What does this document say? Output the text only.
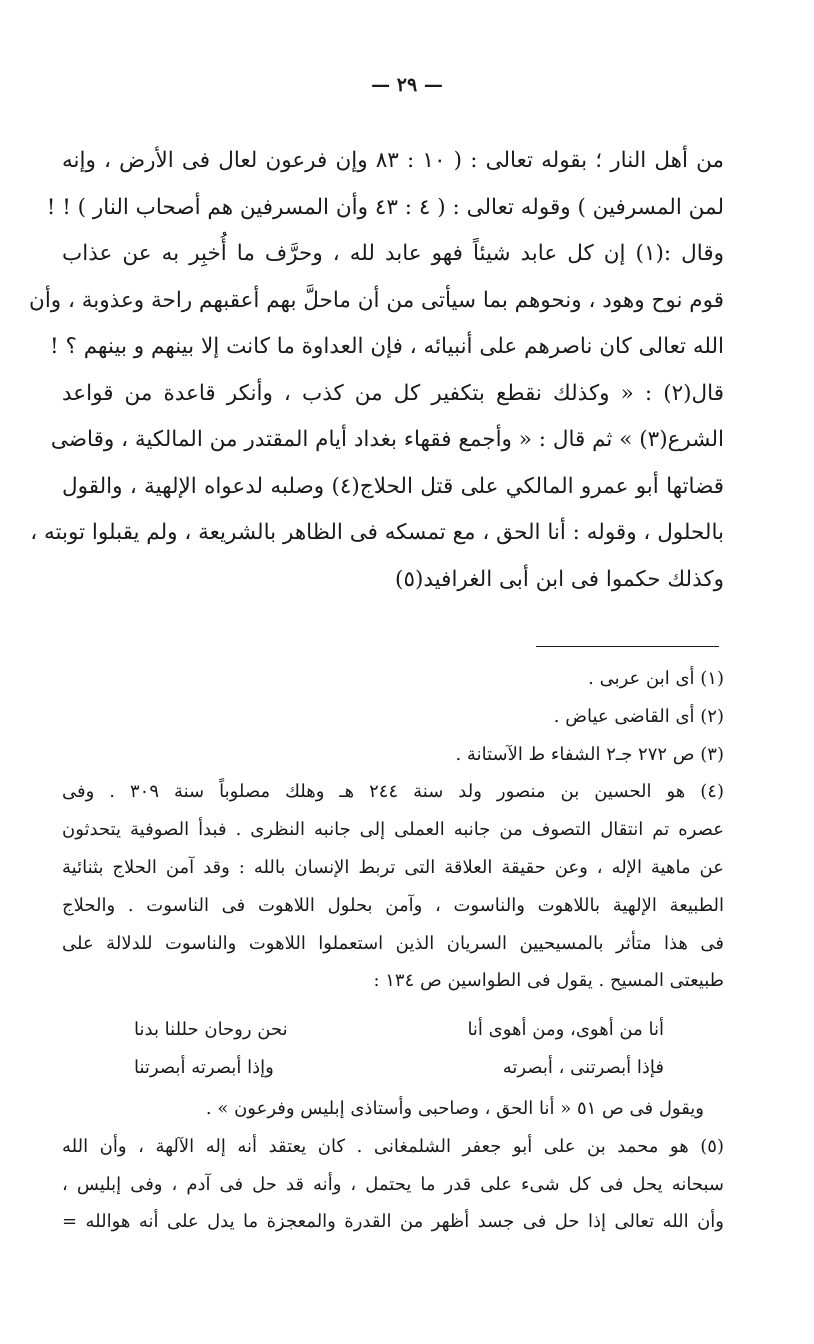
— ٢٩ —
من أهل النار ؛ بقوله تعالى : ( ١٠ : ٨٣ وإن فرعون لعال فى الأرض ، وإنه
لمن المسرفين ) وقوله تعالى : ( ٤ : ٤٣ وأن المسرفين هم أصحاب النار ) ! !
وقال :(١) إن كل عابد شيئاً فهو عابد لله ، وحرَّف ما أُخبِر به عن عذاب
قوم نوح وهود ، ونحوهم بما سيأتى من أن ماحلَّ بهم أعقبهم راحة وعذوبة ، وأن
الله تعالى كان ناصرهم على أنبيائه ، فإن العداوة ما كانت إلا بينهم و بينهم ؟ !
قال(٢) : « وكذلك نقطع بتكفير كل من كذب ، وأنكر قاعدة من قواعد
الشرع(٣) » ثم قال : « وأجمع فقهاء بغداد أيام المقتدر من المالكية ، وقاضى
قضاتها أبو عمرو المالكي على قتل الحلاج(٤) وصلبه لدعواه الإلهية ، والقول
بالحلول ، وقوله : أنا الحق ، مع تمسكه فى الظاهر بالشريعة ، ولم يقبلوا توبته ،
وكذلك حكموا فى ابن أبى الغرافيد(٥)
(١) أى ابن عربى .
(٢) أى القاضى عياض .
(٣) ص ٢٧٢ جـ٢ الشفاء ط الآستانة .
(٤) هو الحسين بن منصور ولد سنة ٢٤٤ هـ وهلك مصلوباً سنة ٣٠٩ . وفى
عصره تم انتقال التصوف من جانبه العملى إلى جانبه النظرى . فبدأ الصوفية يتحدثون
عن ماهية الإله ، وعن حقيقة العلاقة التى تربط الإنسان بالله : وقد آمن الحلاج بثنائية
الطبيعة الإلهية باللاهوت والناسوت ، وآمن بحلول اللاهوت فى الناسوت . والحلاج
فى هذا متأثر بالمسيحيين السريان الذين استعملوا اللاهوت والناسوت للدلالة على
طبيعتى المسيح . يقول فى الطواسين ص ١٣٤ :
أنا من أهوى، ومن أهوى أنا
نحن روحان حللنا بدنا
فإذا أبصرتنى ، أبصرته
وإذا أبصرته أبصرتنا
ويقول فى ص ٥١ « أنا الحق ، وصاحبى وأستاذى إبليس وفرعون » .
(٥) هو محمد بن على أبو جعفر الشلمغانى . كان يعتقد أنه إله الآلهة ، وأن الله
سبحانه يحل فى كل شىء على قدر ما يحتمل ، وأنه قد حل فى آدم ، وفى إبليس ،
وأن الله تعالى إذا حل فى جسد أظهر من القدرة والمعجزة ما يدل على أنه هوالله =
